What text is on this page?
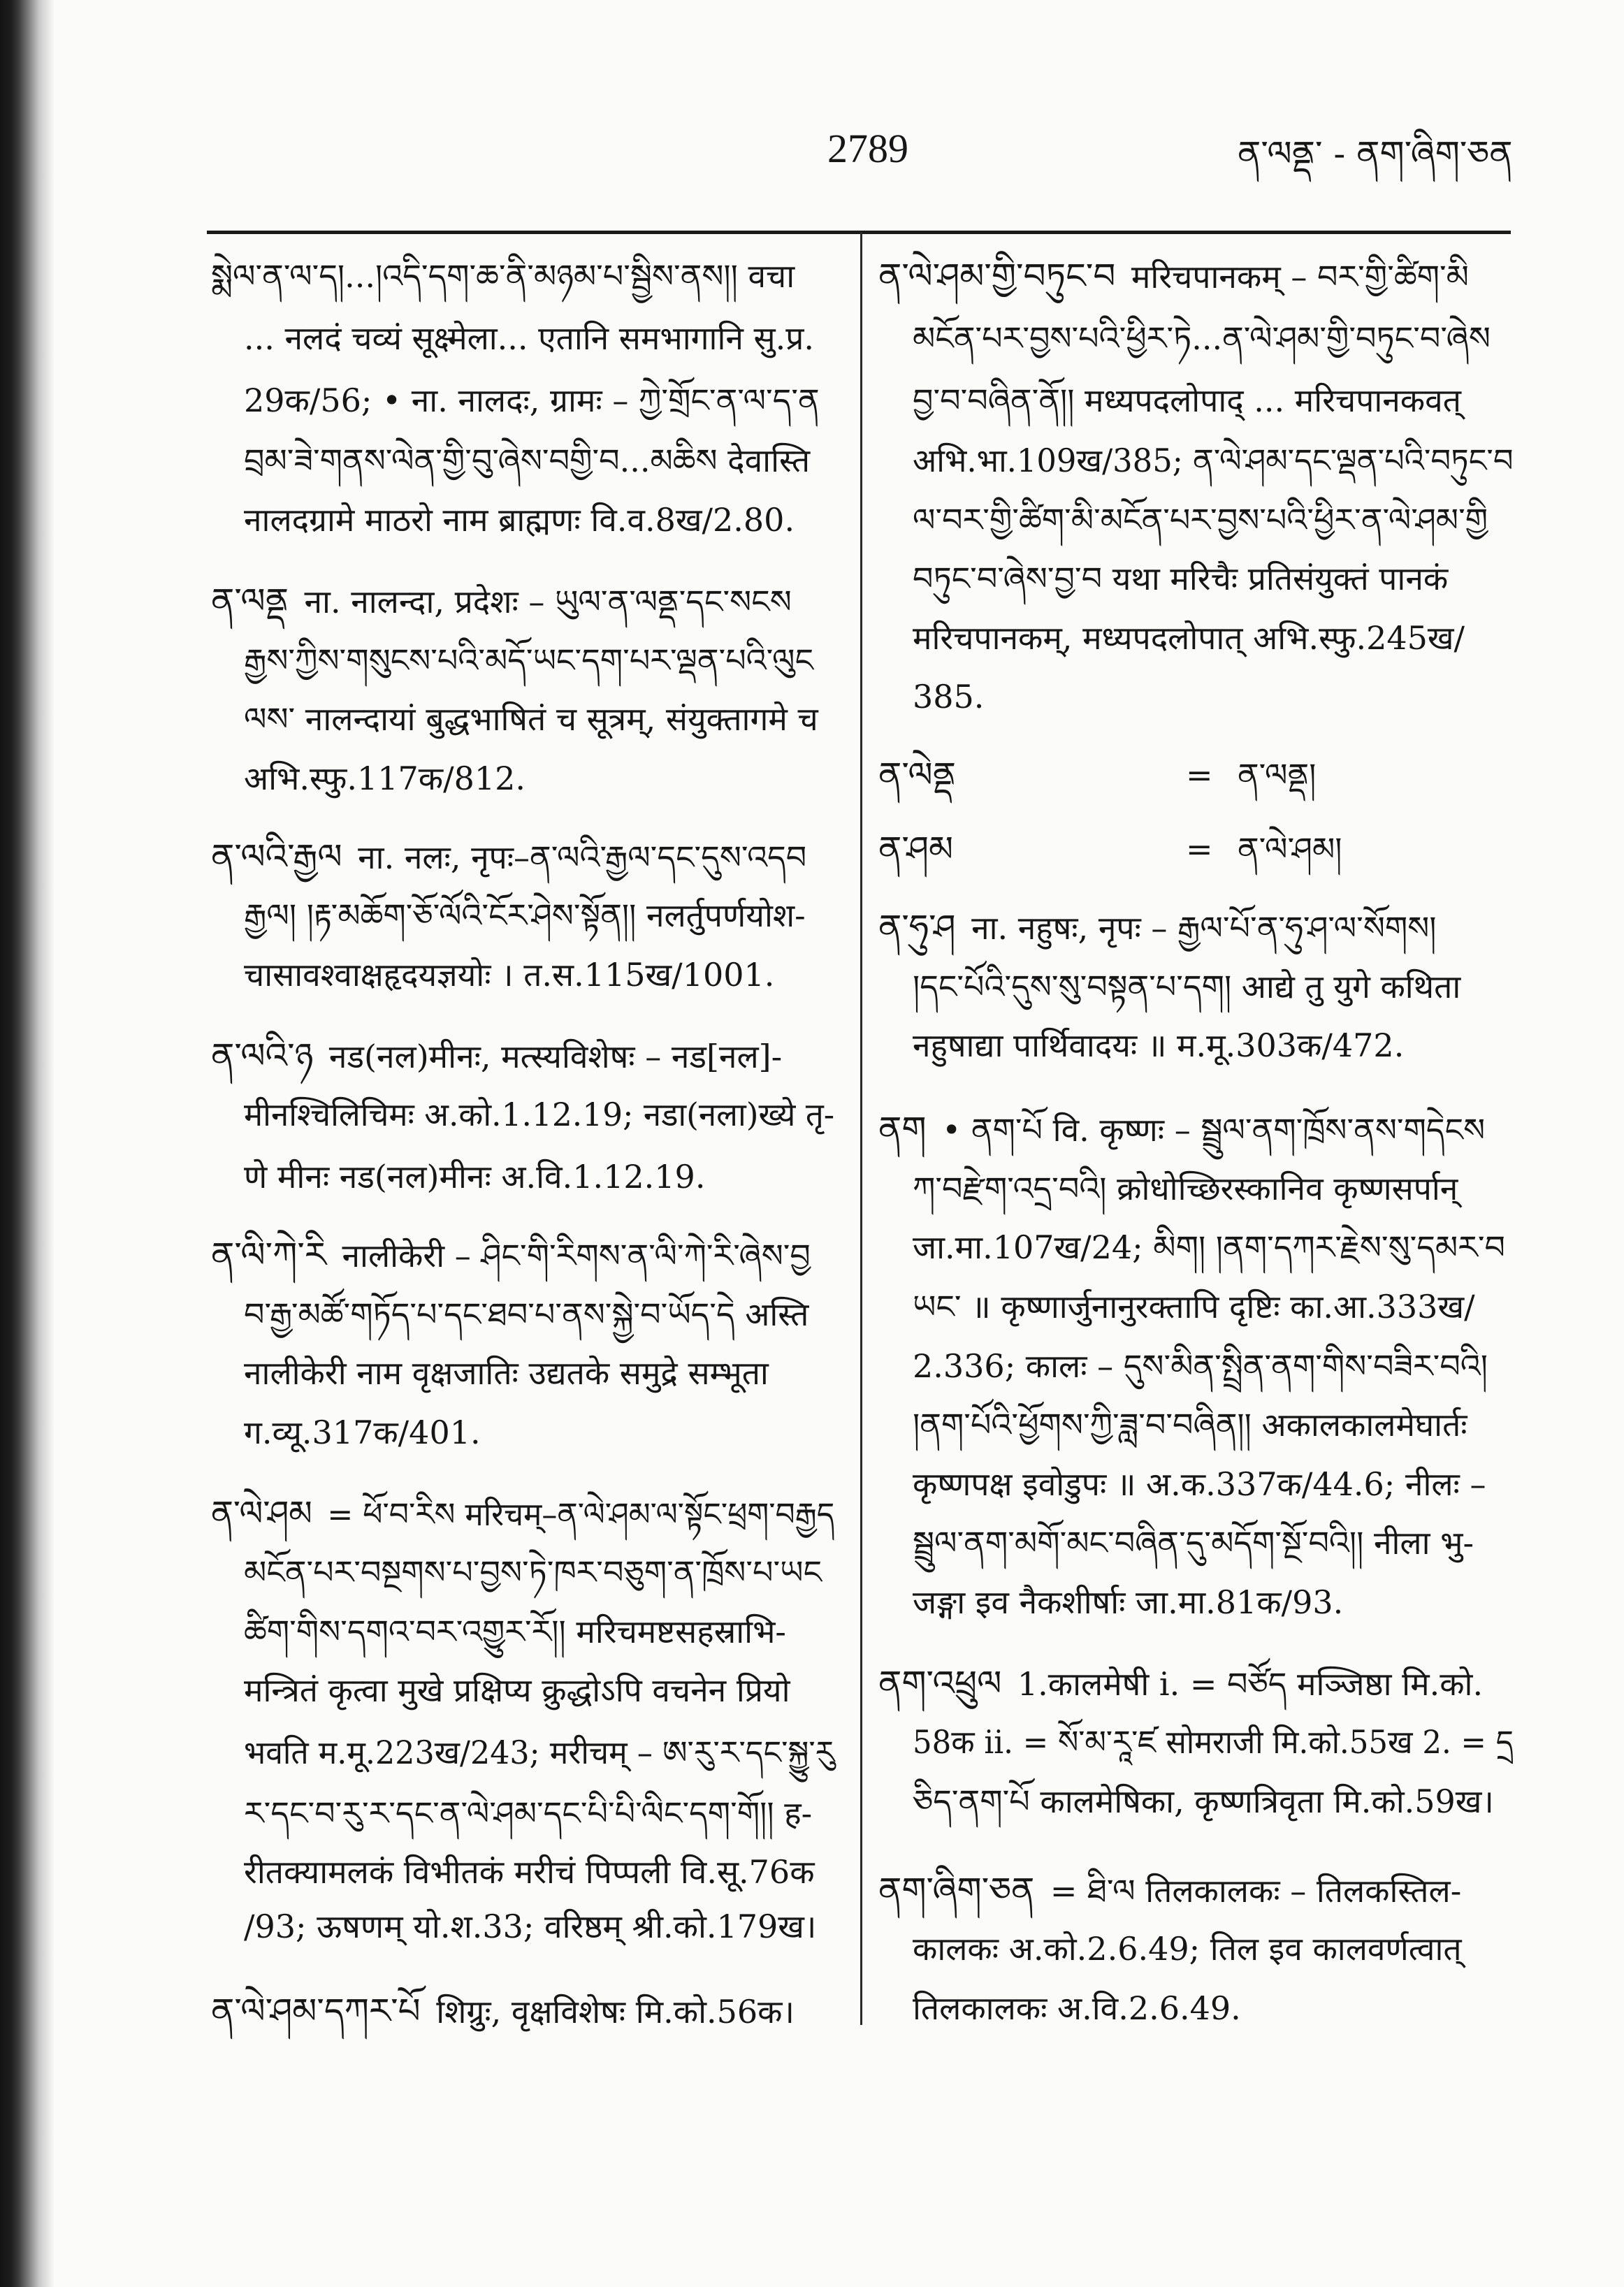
2789	ན་ལནྡ་ - ནག་ཞིག་ཅན
སྨེལ་ན་ལ་ད།...།འདི་དག་ཆ་ནི་མཉམ་པ་སྦྱིས་ནས།། वचा
... नलदं चव्यं सूक्ष्मेला... एतानि समभागानि सु.प्र.
29क/56; • ना. नालदः, ग्रामः – ཀྱེ་གྲོང་ན་ལ་ད་ན
བྲམ་ཟེ་གནས་ལེན་གྱི་བུ་ཞེས་བགྱི་བ...མཆིས देवास्ति
नालदग्रामे माठरो नाम ब्राह्मणः वि.व.8ख/2.80.
ན་ལནྡ ना. नालन्दा, प्रदेशः – ཡུལ་ན་ལནྡ་དང་སངས
རྒྱས་ཀྱིས་གསུངས་པའི་མདོ་ཡང་དག་པར་ལྡན་པའི་ལུང
ལས་ नालन्दायां बुद्धभाषितं च सूत्रम्, संयुक्तागमे च
अभि.स्फु.117क/812.
ན་ལའི་རྒྱལ ना. नलः, नृपः–ན་ལའི་རྒྱལ་དང་དུས་འདབ
རྒྱལ། །རྟ་མཆོག་ཅོ་ལོའི་ངོར་ཤེས་སྟོན།། नलर्तुपर्णयोश-
चासावश्वाक्षहृदयज्ञयोः । त.स.115ख/1001.
ན་ལའི་ཉ नड(नल)मीनः, मत्स्यविशेषः – नड[नल]-
मीनश्चिलिचिमः अ.को.1.12.19; नडा(नला)ख्ये तृ-
णे मीनः नड(नल)मीनः अ.वि.1.12.19.
ན་ལི་ཀེ་རི नालीकेरी – ཤིང་གི་རིགས་ན་ལི་ཀེ་རི་ཞེས་བྱ
བ་རྒྱ་མཚོ་གཏོད་པ་དང་ཐབ་པ་ནས་སྐྱེ་བ་ཡོད་དེ अस्ति
नालीकेरी नाम वृक्षजातिः उद्यतके समुद्रे सम्भूता
ग.व्यू.317क/401.
ན་ལེ་ཤམ = ཕོ་བ་རིས मरिचम्–ན་ལེ་ཤམ་ལ་སྟོང་ཕྲག་བརྒྱད
མངོན་པར་བསྔགས་པ་བྱས་ཏེ་ཁར་བཅུག་ན་ཁྲོས་པ་ཡང
ཚིག་གིས་དགའ་བར་འགྱུར་རོ།། मरिचमष्टसहस्राभि-
मन्त्रितं कृत्वा मुखे प्रक्षिप्य क्रुद्धोऽपि वचनेन प्रियो
भवति म.मू.223ख/243; मरीचम् – ཨ་རུ་ར་དང་སྐྱུ་རུ
ར་དང་བ་རུ་ར་དང་ན་ལེ་ཤམ་དང་པི་པི་ལིང་དག་གོ།། ह-
रीतक्यामलकं विभीतकं मरीचं पिप्पली वि.सू.76क
/93; ऊषणम् यो.श.33; वरिष्ठम् श्री.को.179ख।
ན་ལེ་ཤམ་དཀར་པོ शिग्रुः, वृक्षविशेषः मि.को.56क।
ན་ལེ་ཤམ་གྱི་བཏུང་བ मरिचपानकम् – བར་གྱི་ཚིག་མི
མངོན་པར་བྱས་པའི་ཕྱིར་ཏེ...ན་ལེ་ཤམ་གྱི་བཏུང་བ་ཞེས
བྱ་བ་བཞིན་ནོ།། मध्यपदलोपाद् ... मरिचपानकवत्
अभि.भा.109ख/385; ན་ལེ་ཤམ་དང་ལྡན་པའི་བཏུང་བ
ལ་བར་གྱི་ཚིག་མི་མངོན་པར་བྱས་པའི་ཕྱིར་ན་ལེ་ཤམ་གྱི
བཏུང་བ་ཞེས་བྱ་བ यथा मरिचैः प्रतिसंयुक्तं पानकं
मरिचपानकम्, मध्यपदलोपात् अभि.स्फु.245ख/
385.
ན་ལེནྡ	= ན་ལནྡ།
ན་ཤམ	= ན་ལེ་ཤམ།
ན་ཧུ་ཤ ना. नहुषः, नृपः – རྒྱལ་པོ་ན་ཧུ་ཤ་ལ་སོགས།
།དང་པོའི་དུས་སུ་བསྟན་པ་དག། आद्ये तु युगे कथिता
नहुषाद्या पार्थिवादयः ॥ म.मू.303क/472.
ནག • ནག་པོ वि. कृष्णः – སྦྲུལ་ནག་ཁྲོས་ནས་གདེངས
ཀ་བརྫེག་འདྲ་བའི། क्रोधोच्छिरस्कानिव कृष्णसर्पान्
जा.मा.107ख/24; མིག། །ནག་དཀར་རྗེས་སུ་དམར་བ
ཡང་ ॥ कृष्णार्जुनानुरक्तापि दृष्टिः का.आ.333ख/
2.336; कालः – དུས་མིན་སྤྲིན་ནག་གིས་བཟིར་བའི།
།ནག་པོའི་ཕྱོགས་ཀྱི་ཟླ་བ་བཞིན།། अकालकालमेघार्तः
कृष्णपक्ष इवोडुपः ॥ अ.क.337क/44.6; नीलः –
སྦྲུལ་ནག་མགོ་མང་བཞིན་དུ་མདོག་སྔོ་བའི།། नीला भु-
जङ्गा इव नैकशीर्षाः जा.मा.81क/93.
ནག་འཕྲུལ 1.कालमेषी i. = བཙོད मञ्जिष्ठा मि.को.
58क ii. = སོ་མ་རཱ་ཛ सोमराजी मि.को.55ख 2. = དྲ
ཅིད་ནག་པོ कालमेषिका, कृष्णत्रिवृता मि.को.59ख।
ནག་ཞིག་ཅན = ཐི་ལ तिलकालकः – तिलकस्तिल-
कालकः अ.को.2.6.49; तिल इव कालवर्णत्वात्
तिलकालकः अ.वि.2.6.49.
